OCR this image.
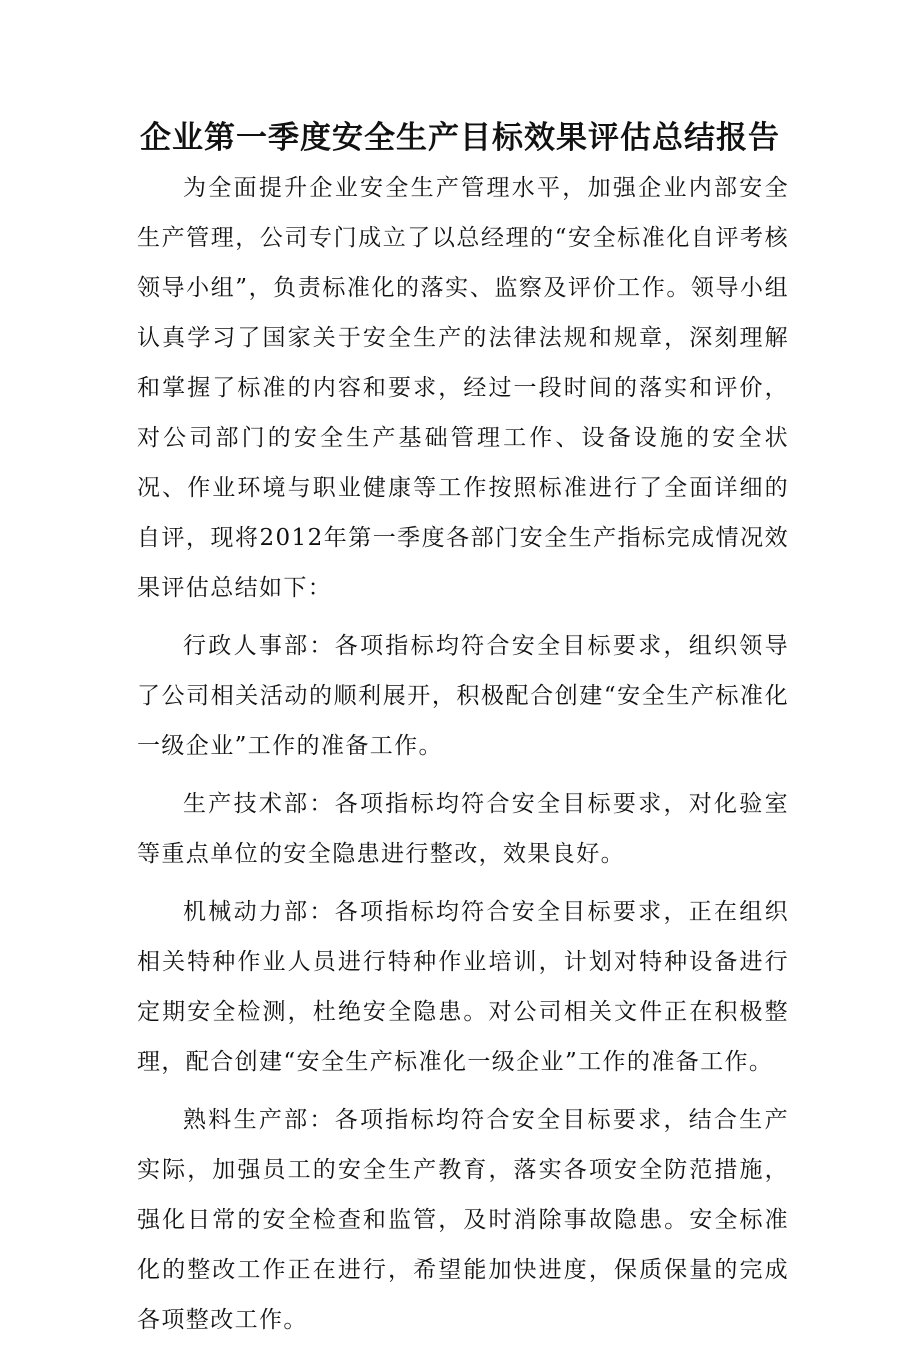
企业第一季度安全生产目标效果评估总结报告

为全面提升企业安全生产管理水平，加强企业内部安全生产管理，公司专门成立了以总经理的“安全标准化自评考核领导小组”，负责标准化的落实、监察及评价工作。领导小组认真学习了国家关于安全生产的法律法规和规章，深刻理解和掌握了标准的内容和要求，经过一段时间的落实和评价，对公司部门的安全生产基础管理工作、设备设施的安全状况、作业环境与职业健康等工作按照标准进行了全面详细的自评，现将2012年第一季度各部门安全生产指标完成情况效果评估总结如下：

行政人事部：各项指标均符合安全目标要求，组织领导了公司相关活动的顺利展开，积极配合创建“安全生产标准化一级企业”工作的准备工作。

生产技术部：各项指标均符合安全目标要求，对化验室等重点单位的安全隐患进行整改，效果良好。

机械动力部：各项指标均符合安全目标要求，正在组织相关特种作业人员进行特种作业培训，计划对特种设备进行定期安全检测，杜绝安全隐患。对公司相关文件正在积极整理，配合创建“安全生产标准化一级企业”工作的准备工作。

熟料生产部：各项指标均符合安全目标要求，结合生产实际，加强员工的安全生产教育，落实各项安全防范措施，强化日常的安全检查和监管，及时消除事故隐患。安全标准化的整改工作正在进行，希望能加快进度，保质保量的完成各项整改工作。
